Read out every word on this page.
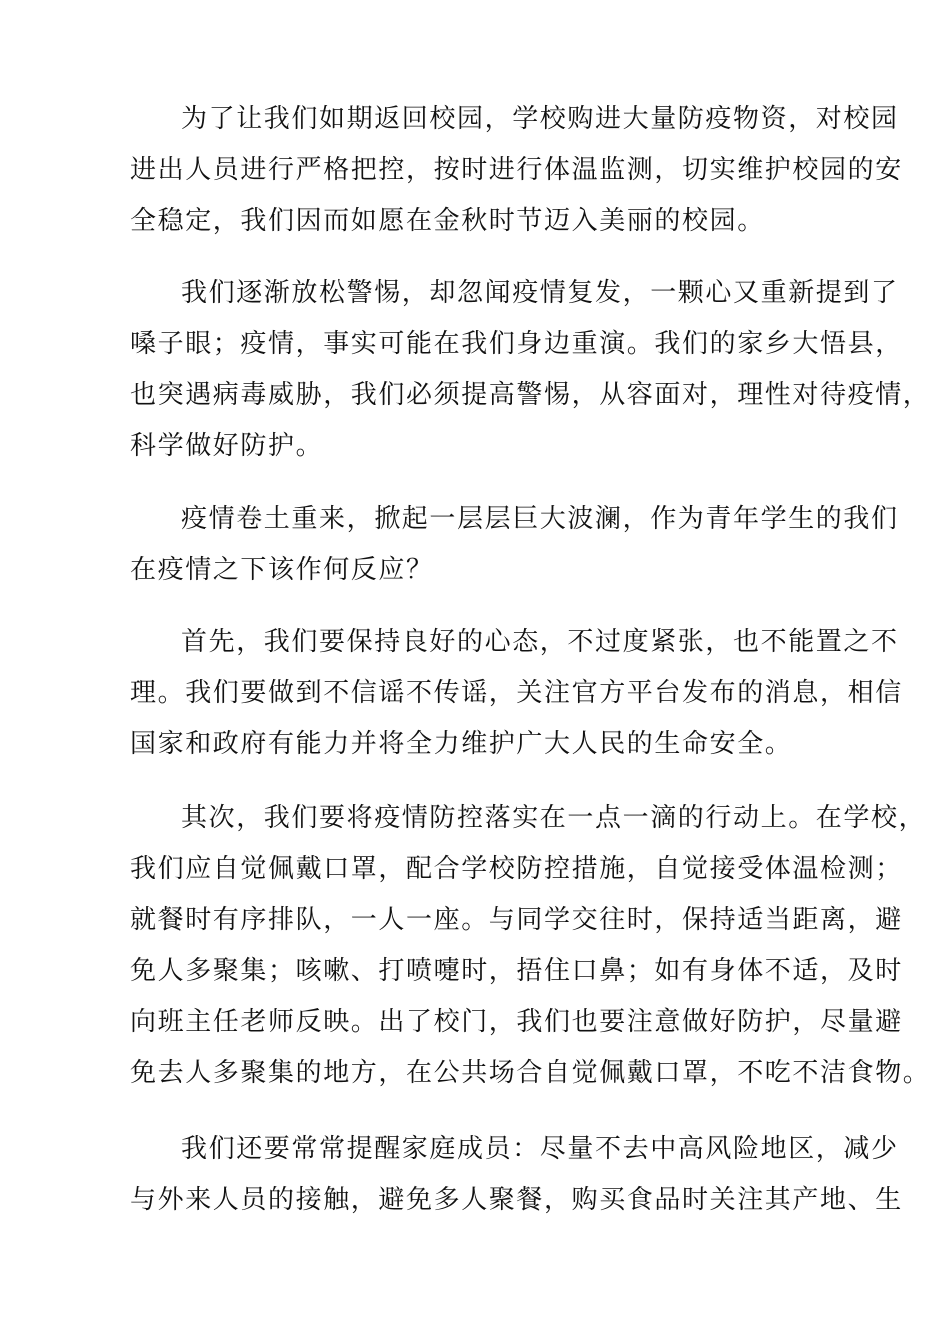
为了让我们如期返回校园，学校购进大量防疫物资，对校园
进出人员进行严格把控，按时进行体温监测，切实维护校园的安
全稳定，我们因而如愿在金秋时节迈入美丽的校园。
我们逐渐放松警惕，却忽闻疫情复发，一颗心又重新提到了
嗓子眼；疫情，事实可能在我们身边重演。我们的家乡大悟县，
也突遇病毒威胁，我们必须提高警惕，从容面对，理性对待疫情，
科学做好防护。
疫情卷土重来，掀起一层层巨大波澜，作为青年学生的我们
在疫情之下该作何反应？
首先，我们要保持良好的心态，不过度紧张，也不能置之不
理。我们要做到不信谣不传谣，关注官方平台发布的消息，相信
国家和政府有能力并将全力维护广大人民的生命安全。
其次，我们要将疫情防控落实在一点一滴的行动上。在学校，
我们应自觉佩戴口罩，配合学校防控措施，自觉接受体温检测；
就餐时有序排队，一人一座。与同学交往时，保持适当距离，避
免人多聚集；咳嗽、打喷嚏时，捂住口鼻；如有身体不适，及时
向班主任老师反映。出了校门，我们也要注意做好防护，尽量避
免去人多聚集的地方，在公共场合自觉佩戴口罩，不吃不洁食物。
我们还要常常提醒家庭成员：尽量不去中高风险地区，减少
与外来人员的接触，避免多人聚餐，购买食品时关注其产地、生
